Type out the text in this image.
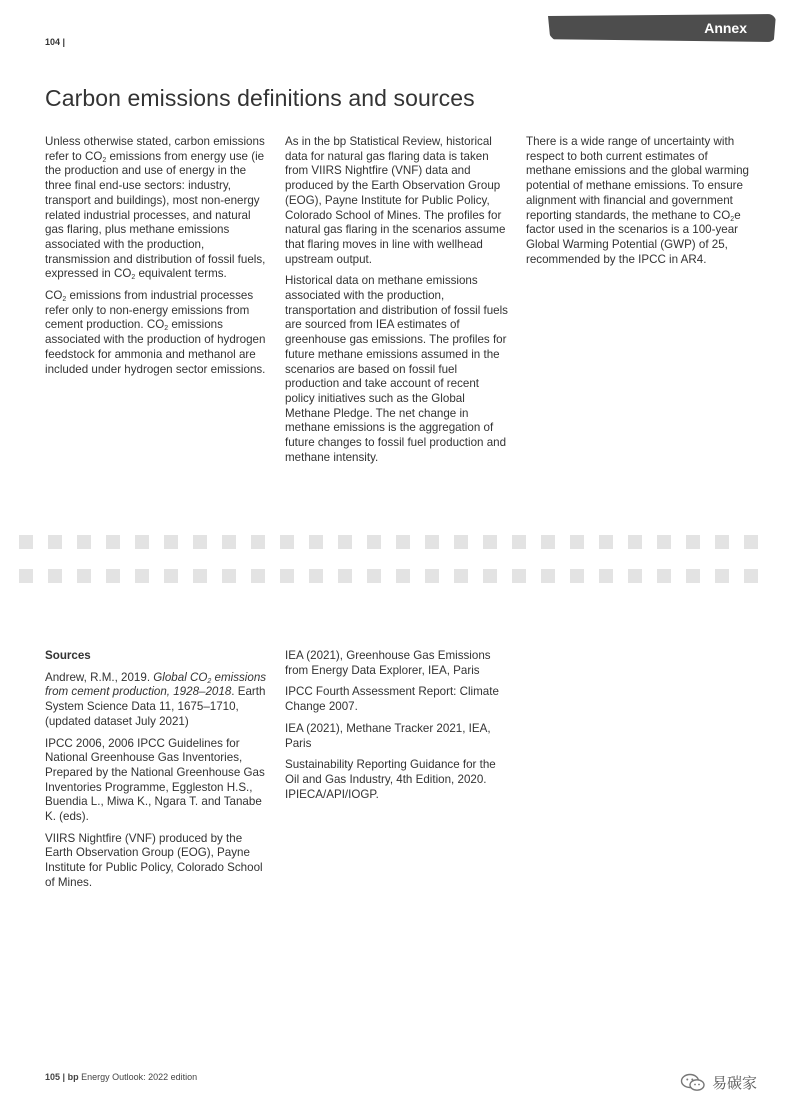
104 |
Annex
Carbon emissions definitions and sources

Unless otherwise stated, carbon emissions refer to $CO_2$ emissions from energy use (ie the production and use of energy in the three final end-use sectors: industry, transport and buildings), most non-energy related industrial processes, and natural gas flaring, plus methane emissions associated with the production, transmission and distribution of fossil fuels, expressed in $CO_2$ equivalent terms.

$CO_2$ emissions from industrial processes refer only to non-energy emissions from cement production. $CO_2$ emissions associated with the production of hydrogen feedstock for ammonia and methanol are included under hydrogen sector emissions.

As in the bp Statistical Review, historical data for natural gas flaring data is taken from VIIRS Nightfire (VNF) data and produced by the Earth Observation Group (EOG), Payne Institute for Public Policy, Colorado School of Mines. The profiles for natural gas flaring in the scenarios assume that flaring moves in line with wellhead upstream output.

Historical data on methane emissions associated with the production, transportation and distribution of fossil fuels are sourced from IEA estimates of greenhouse gas emissions. The profiles for future methane emissions assumed in the scenarios are based on fossil fuel production and take account of recent policy initiatives such as the Global Methane Pledge. The net change in methane emissions is the aggregation of future changes to fossil fuel production and methane intensity.

There is a wide range of uncertainty with respect to both current estimates of methane emissions and the global warming potential of methane emissions. To ensure alignment with financial and government reporting standards, the methane to $CO_2e$ factor used in the scenarios is a 100-year Global Warming Potential (GWP) of 25, recommended by the IPCC in AR4.

Sources

Andrew, R.M., 2019. Global $CO_2$ emissions from cement production, 1928–2018. Earth System Science Data 11, 1675–1710, (updated dataset July 2021)

IPCC 2006, 2006 IPCC Guidelines for National Greenhouse Gas Inventories, Prepared by the National Greenhouse Gas Inventories Programme, Eggleston H.S., Buendia L., Miwa K., Ngara T. and Tanabe K. (eds).

VIIRS Nightfire (VNF) produced by the Earth Observation Group (EOG), Payne Institute for Public Policy, Colorado School of Mines.

IEA (2021), Greenhouse Gas Emissions from Energy Data Explorer, IEA, Paris

IPCC Fourth Assessment Report: Climate Change 2007.

IEA (2021), Methane Tracker 2021, IEA, Paris

Sustainability Reporting Guidance for the Oil and Gas Industry, 4th Edition, 2020. IPIECA/API/IOGP.

105 | bp Energy Outlook: 2022 edition	易碳家
